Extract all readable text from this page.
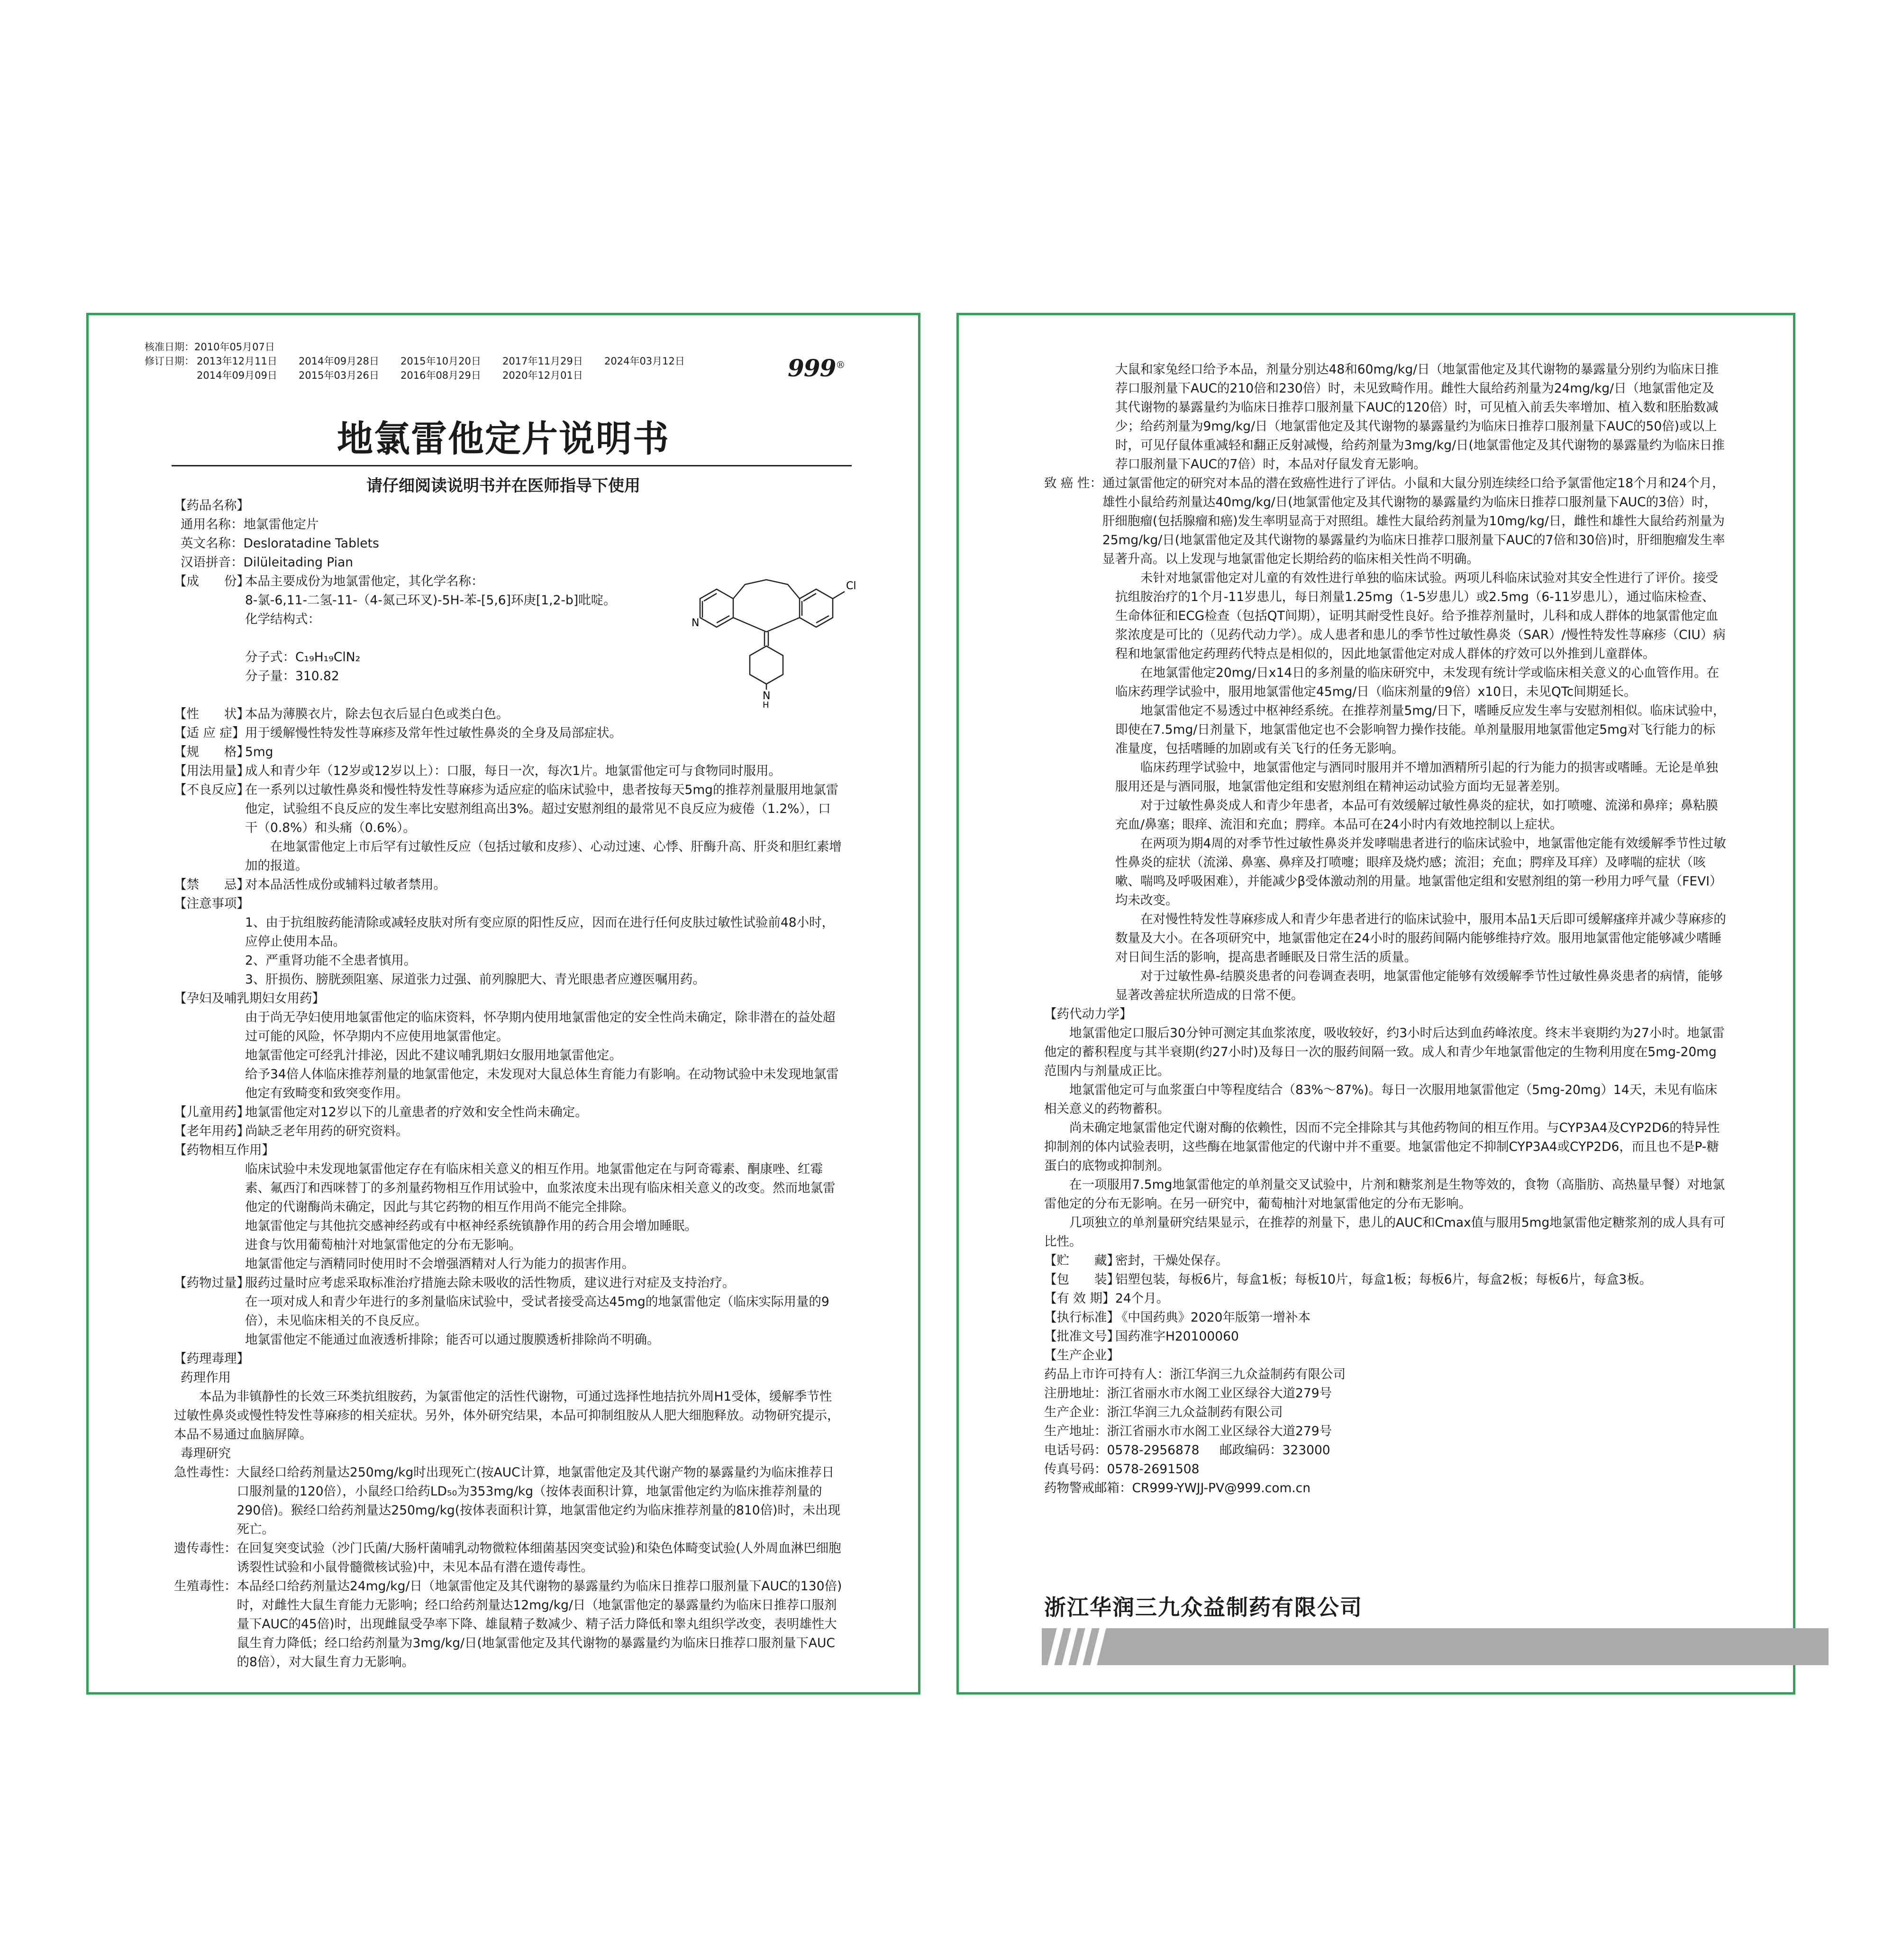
核准日期：2010年05月07日
修订日期： 2013年12月11日 2014年09月28日 2015年10月20日 2017年11月29日 2024年03月12日
2014年09月09日 2015年03月26日 2016年08月29日 2020年12月01日	999®
地氯雷他定片说明书
请仔细阅读说明书并在医师指导下使用
【药品名称】
通用名称：地氯雷他定片
英文名称：Desloratadine Tablets
汉语拼音：Dilüleitading Pian
【成　　份】
本品主要成份为地氯雷他定，其化学名称：
8-氯-6,11-二氢-11-（4-氮己环叉)-5H-苯-[5,6]环庚[1,2-b]吡啶。
化学结构式：
分子式：C₁₉H₁₉ClN₂
分子量：310.82
Cl
N
N
H
【性　　状】
本品为薄膜衣片，除去包衣后显白色或类白色。
【适 应 症】 用于缓解慢性特发性荨麻疹及常年性过敏性鼻炎的全身及局部症状。
【规　　格】
5mg
【用法用量】
成人和青少年（12岁或12岁以上）：口服，每日一次，每次1片。地氯雷他定可与食物同时服用。
【不良反应】
在一系列以过敏性鼻炎和慢性特发性荨麻疹为适应症的临床试验中，患者按每天5mg的推荐剂量服用地氯雷他定，试验组不良反应的发生率比安慰剂组高出3%。超过安慰剂组的最常见不良反应为疲倦（1.2%），口干（0.8%）和头痛（0.6%）。
在地氯雷他定上市后罕有过敏性反应（包括过敏和皮疹）、心动过速、心悸、肝酶升高、肝炎和胆红素增加的报道。
【禁　　忌】
对本品活性成份或辅料过敏者禁用。
【注意事项】
1、由于抗组胺药能清除或减轻皮肤对所有变应原的阳性反应，因而在进行任何皮肤过敏性试验前48小时，应停止使用本品。
2、严重肾功能不全患者慎用。
3、肝损伤、膀胱颈阻塞、尿道张力过强、前列腺肥大、青光眼患者应遵医嘱用药。
【孕妇及哺乳期妇女用药】
由于尚无孕妇使用地氯雷他定的临床资料，怀孕期内使用地氯雷他定的安全性尚未确定，除非潜在的益处超过可能的风险，怀孕期内不应使用地氯雷他定。
地氯雷他定可经乳汁排泌，因此不建议哺乳期妇女服用地氯雷他定。
给予34倍人体临床推荐剂量的地氯雷他定，未发现对大鼠总体生育能力有影响。在动物试验中未发现地氯雷他定有致畸变和致突变作用。
【儿童用药】
地氯雷他定对12岁以下的儿童患者的疗效和安全性尚未确定。
【老年用药】
尚缺乏老年用药的研究资料。
【药物相互作用】
临床试验中未发现地氯雷他定存在有临床相关意义的相互作用。地氯雷他定在与阿奇霉素、酮康唑、红霉素、氟西汀和西咪替丁的多剂量药物相互作用试验中，血浆浓度未出现有临床相关意义的改变。然而地氯雷他定的代谢酶尚未确定，因此与其它药物的相互作用尚不能完全排除。
地氯雷他定与其他抗交感神经药或有中枢神经系统镇静作用的药合用会增加睡眠。
进食与饮用葡萄柚汁对地氯雷他定的分布无影响。
地氯雷他定与酒精同时使用时不会增强酒精对人行为能力的损害作用。
【药物过量】
服药过量时应考虑采取标准治疗措施去除未吸收的活性物质，建议进行对症及支持治疗。
在一项对成人和青少年进行的多剂量临床试验中，受试者接受高达45mg的地氯雷他定（临床实际用量的9倍），未见临床相关的不良反应。
地氯雷他定不能通过血液透析排除；能否可以通过腹膜透析排除尚不明确。
【药理毒理】
药理作用
本品为非镇静性的长效三环类抗组胺药，为氯雷他定的活性代谢物，可通过选择性地拮抗外周H1受体，缓解季节性过敏性鼻炎或慢性特发性荨麻疹的相关症状。另外，体外研究结果，本品可抑制组胺从人肥大细胞释放。动物研究提示，本品不易通过血脑屏障。
毒理研究
急性毒性： 大鼠经口给药剂量达250mg/kg时出现死亡(按AUC计算，地氯雷他定及其代谢产物的暴露量约为临床推荐日口服剂量的120倍），小鼠经口给药LD₅₀为353mg/kg（按体表面积计算，地氯雷他定约为临床推荐剂量的290倍)。猴经口给药剂量达250mg/kg(按体表面积计算，地氯雷他定约为临床推荐剂量的810倍)时，未出现死亡。
遗传毒性： 在回复突变试验（沙门氏菌/大肠杆菌哺乳动物微粒体细菌基因突变试验)和染色体畸变试验(人外周血淋巴细胞诱裂性试验和小鼠骨髓微核试验)中，未见本品有潜在遗传毒性。
生殖毒性： 本品经口给药剂量达24mg/kg/日（地氯雷他定及其代谢物的暴露量约为临床日推荐口服剂量下AUC的130倍)时，对雌性大鼠生育能力无影响；经口给药剂量达12mg/kg/日（地氯雷他定的暴露量约为临床日推荐口服剂量下AUC的45倍)时，出现雌鼠受孕率下降、雄鼠精子数减少、精子活力降低和睾丸组织学改变，表明雄性大鼠生育力降低；经口给药剂量为3mg/kg/日(地氯雷他定及其代谢物的暴露量约为临床日推荐口服剂量下AUC的8倍），对大鼠生育力无影响。
大鼠和家兔经口给予本品，剂量分别达48和60mg/kg/日（地氯雷他定及其代谢物的暴露量分别约为临床日推荐口服剂量下AUC的210倍和230倍）时，未见致畸作用。雌性大鼠给药剂量为24mg/kg/日（地氯雷他定及其代谢物的暴露量约为临床日推荐口服剂量下AUC的120倍）时，可见植入前丢失率增加、植入数和胚胎数减少；给药剂量为9mg/kg/日（地氯雷他定及其代谢物的暴露量约为临床日推荐口服剂量下AUC的50倍)或以上时，可见仔鼠体重减轻和翻正反射减慢，给药剂量为3mg/kg/日(地氯雷他定及其代谢物的暴露量约为临床日推荐口服剂量下AUC的7倍）时，本品对仔鼠发育无影响。
致 癌 性： 通过氯雷他定的研究对本品的潜在致癌性进行了评估。小鼠和大鼠分别连续经口给予氯雷他定18个月和24个月，雄性小鼠给药剂量达40mg/kg/日(地氯雷他定及其代谢物的暴露量约为临床日推荐口服剂量下AUC的3倍）时，肝细胞瘤(包括腺瘤和癌)发生率明显高于对照组。雄性大鼠给药剂量为10mg/kg/日，雌性和雄性大鼠给药剂量为25mg/kg/日(地氯雷他定及其代谢物的暴露量约为临床日推荐口服剂量下AUC的7倍和30倍)时，肝细胞瘤发生率显著升高。以上发现与地氯雷他定长期给药的临床相关性尚不明确。
未针对地氯雷他定对儿童的有效性进行单独的临床试验。两项儿科临床试验对其安全性进行了评价。接受抗组胺治疗的1个月-11岁患儿，每日剂量1.25mg（1-5岁患儿）或2.5mg（6-11岁患儿），通过临床检查、生命体征和ECG检查（包括QT间期），证明其耐受性良好。给予推荐剂量时，儿科和成人群体的地氯雷他定血浆浓度是可比的（见药代动力学）。成人患者和患儿的季节性过敏性鼻炎（SAR）/慢性特发性荨麻疹（CIU）病程和地氯雷他定药理药代特点是相似的，因此地氯雷他定对成人群体的疗效可以外推到儿童群体。
在地氯雷他定20mg/日x14日的多剂量的临床研究中，未发现有统计学或临床相关意义的心血管作用。在临床药理学试验中，服用地氯雷他定45mg/日（临床剂量的9倍）x10日，未见QTc间期延长。
地氯雷他定不易透过中枢神经系统。在推荐剂量5mg/日下，嗜睡反应发生率与安慰剂相似。临床试验中，即使在7.5mg/日剂量下，地氯雷他定也不会影响智力操作技能。单剂量服用地氯雷他定5mg对飞行能力的标准量度，包括嗜睡的加剧或有关飞行的任务无影响。
临床药理学试验中，地氯雷他定与酒同时服用并不增加酒精所引起的行为能力的损害或嗜睡。无论是单独服用还是与酒同服，地氯雷他定组和安慰剂组在精神运动试验方面均无显著差别。
对于过敏性鼻炎成人和青少年患者，本品可有效缓解过敏性鼻炎的症状，如打喷嚏、流涕和鼻痒；鼻粘膜充血/鼻塞；眼痒、流泪和充血；腭痒。本品可在24小时内有效地控制以上症状。
在两项为期4周的对季节性过敏性鼻炎并发哮喘患者进行的临床试验中，地氯雷他定能有效缓解季节性过敏性鼻炎的症状（流涕、鼻塞、鼻痒及打喷嚏；眼痒及烧灼感；流泪；充血；腭痒及耳痒）及哮喘的症状（咳嗽、喘鸣及呼吸困难），并能减少β受体激动剂的用量。地氯雷他定组和安慰剂组的第一秒用力呼气量（FEVI）均未改变。
在对慢性特发性荨麻疹成人和青少年患者进行的临床试验中，服用本品1天后即可缓解瘙痒并减少荨麻疹的数量及大小。在各项研究中，地氯雷他定在24小时的服药间隔内能够维持疗效。服用地氯雷他定能够减少嗜睡对日间生活的影响，提高患者睡眠及日常生活的质量。
对于过敏性鼻-结膜炎患者的问卷调查表明，地氯雷他定能够有效缓解季节性过敏性鼻炎患者的病情，能够显著改善症状所造成的日常不便。
【药代动力学】
地氯雷他定口服后30分钟可测定其血浆浓度，吸收较好，约3小时后达到血药峰浓度。终末半衰期约为27小时。地氯雷他定的蓄积程度与其半衰期(约27小时)及每日一次的服药间隔一致。成人和青少年地氯雷他定的生物利用度在5mg-20mg范围内与剂量成正比。
地氯雷他定可与血浆蛋白中等程度结合（83%～87%)。每日一次服用地氯雷他定（5mg-20mg）14天，未见有临床相关意义的药物蓄积。
尚未确定地氯雷他定代谢对酶的依赖性，因而不完全排除其与其他药物间的相互作用。与CYP3A4及CYP2D6的特异性抑制剂的体内试验表明，这些酶在地氯雷他定的代谢中并不重要。地氯雷他定不抑制CYP3A4或CYP2D6，而且也不是P-糖蛋白的底物或抑制剂。
在一项服用7.5mg地氯雷他定的单剂量交叉试验中，片剂和糖浆剂是生物等效的，食物（高脂肪、高热量早餐）对地氯雷他定的分布无影响。在另一研究中，葡萄柚汁对地氯雷他定的分布无影响。
几项独立的单剂量研究结果显示，在推荐的剂量下，患儿的AUC和Cmax值与服用5mg地氯雷他定糖浆剂的成人具有可比性。
【贮　　藏】
密封，干燥处保存。
【包　　装】
铝塑包装，每板6片，每盒1板；每板10片，每盒1板；每板6片，每盒2板；每板6片，每盒3板。
【有 效 期】 24个月。
【执行标准】
《中国药典》2020年版第一增补本
【批准文号】
国药准字H20100060
【生产企业】
药品上市许可持有人：浙江华润三九众益制药有限公司
注册地址：浙江省丽水市水阁工业区绿谷大道279号
生产企业：浙江华润三九众益制药有限公司
生产地址：浙江省丽水市水阁工业区绿谷大道279号
电话号码：0578-2956878 邮政编码：323000
传真号码：0578-2691508
药物警戒邮箱：CR999-YWJJ-PV@999.com.cn
浙江华润三九众益制药有限公司
